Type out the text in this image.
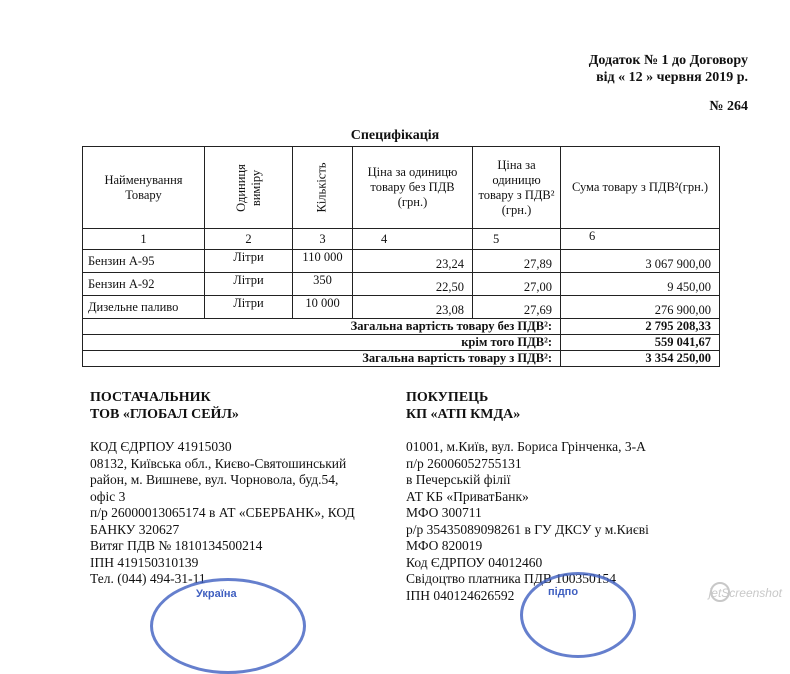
Додаток № 1 до Договору
від « 12 » червня 2019 р.
№ 264
Специфікація
Найменування Товару	Одиниця виміру	Кількість	Ціна за одиницю товару без ПДВ (грн.)	Ціна за одиницю товару з ПДВ² (грн.)	Сума товару з ПДВ²(грн.)
1	2	3	4	5	6
Бензин А-95	Літри	110 000	23,24	27,89	3 067 900,00
Бензин А-92	Літри	350	22,50	27,00	9 450,00
Дизельне паливо	Літри	10 000	23,08	27,69	276 900,00
Загальна вартість товару без ПДВ²:					2 795 208,33
крім того ПДВ²:					559 041,67
Загальна вартість товару з ПДВ²:					3 354 250,00
ПОСТАЧАЛЬНИК
ТОВ «ГЛОБАЛ СЕЙЛ»
КОД ЄДРПОУ 41915030
08132, Київська обл., Києво-Святошинський
район, м. Вишневе, вул. Чорновола, буд.54,
офіс 3
п/р 26000013065174 в АТ «СБЕРБАНК», КОД
БАНКУ 320627
Витяг ПДВ № 1810134500214
ІПН 419150310139
Тел. (044) 494-31-11
ПОКУПЕЦЬ
КП «АТП КМДА»
01001, м.Київ, вул. Бориса Грінченка, 3-А
п/р 26006052755131
в Печерській філії
АТ КБ «ПриватБанк»
МФО 300711
р/р 35435089098261 в ГУ ДКСУ у м.Києві
МФО 820019
Код ЄДРПОУ 04012460
Свідоцтво платника ПДВ 100350154
ІПН 040124626592
Україна	підпо	jetScreenshot
